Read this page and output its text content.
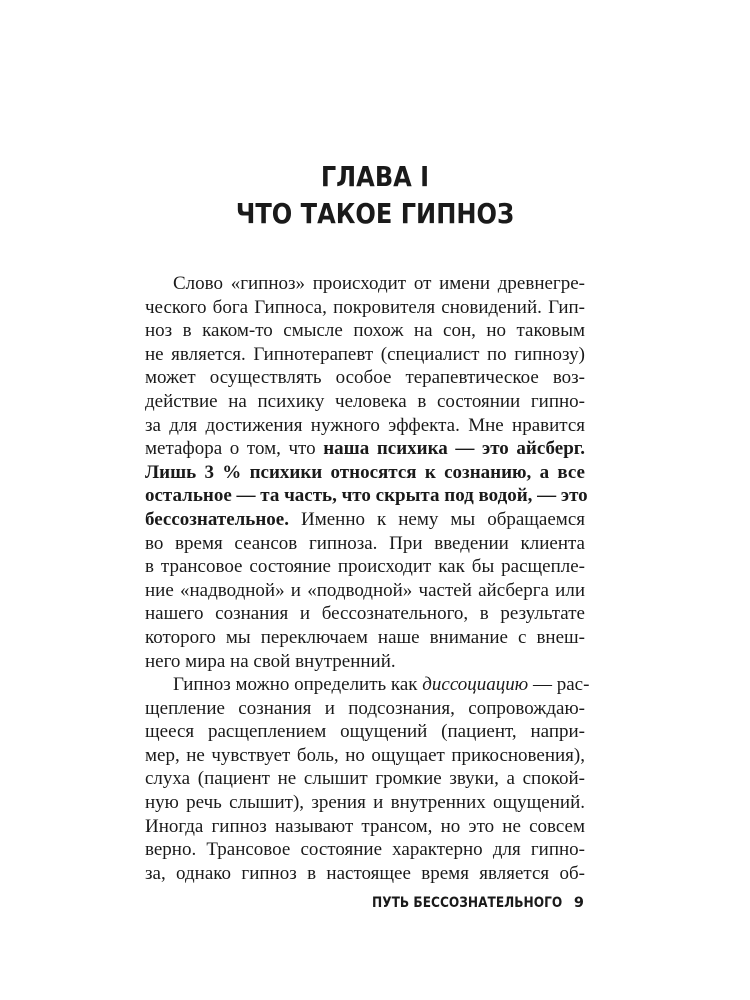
ГЛАВА I
ЧТО ТАКОЕ ГИПНОЗ
Слово «гипноз» происходит от имени древнегре-
ческого бога Гипноса, покровителя сновидений. Гип-
ноз в каком-то смысле похож на сон, но таковым
не является. Гипнотерапевт (специалист по гипнозу)
может осуществлять особое терапевтическое воз-
действие на психику человека в состоянии гипно-
за для достижения нужного эффекта. Мне нравится
метафора о том, что наша психика — это айсберг.
Лишь 3 % психики относятся к сознанию, а все
остальное — та часть, что скрыта под водой, — это
бессознательное. Именно к нему мы обращаемся
во время сеансов гипноза. При введении клиента
в трансовое состояние происходит как бы расщепле-
ние «надводной» и «подводной» частей айсберга или
нашего сознания и бессознательного, в результате
которого мы переключаем наше внимание с внеш-
него мира на свой внутренний.
Гипноз можно определить как диссоциацию — рас-
щепление сознания и подсознания, сопровождаю-
щееся расщеплением ощущений (пациент, напри-
мер, не чувствует боль, но ощущает прикосновения),
слуха (пациент не слышит громкие звуки, а спокой-
ную речь слышит), зрения и внутренних ощущений.
Иногда гипноз называют трансом, но это не совсем
верно. Трансовое состояние характерно для гипно-
за, однако гипноз в настоящее время является об-
ПУТЬ БЕССОЗНАТЕЛЬНОГО 9
